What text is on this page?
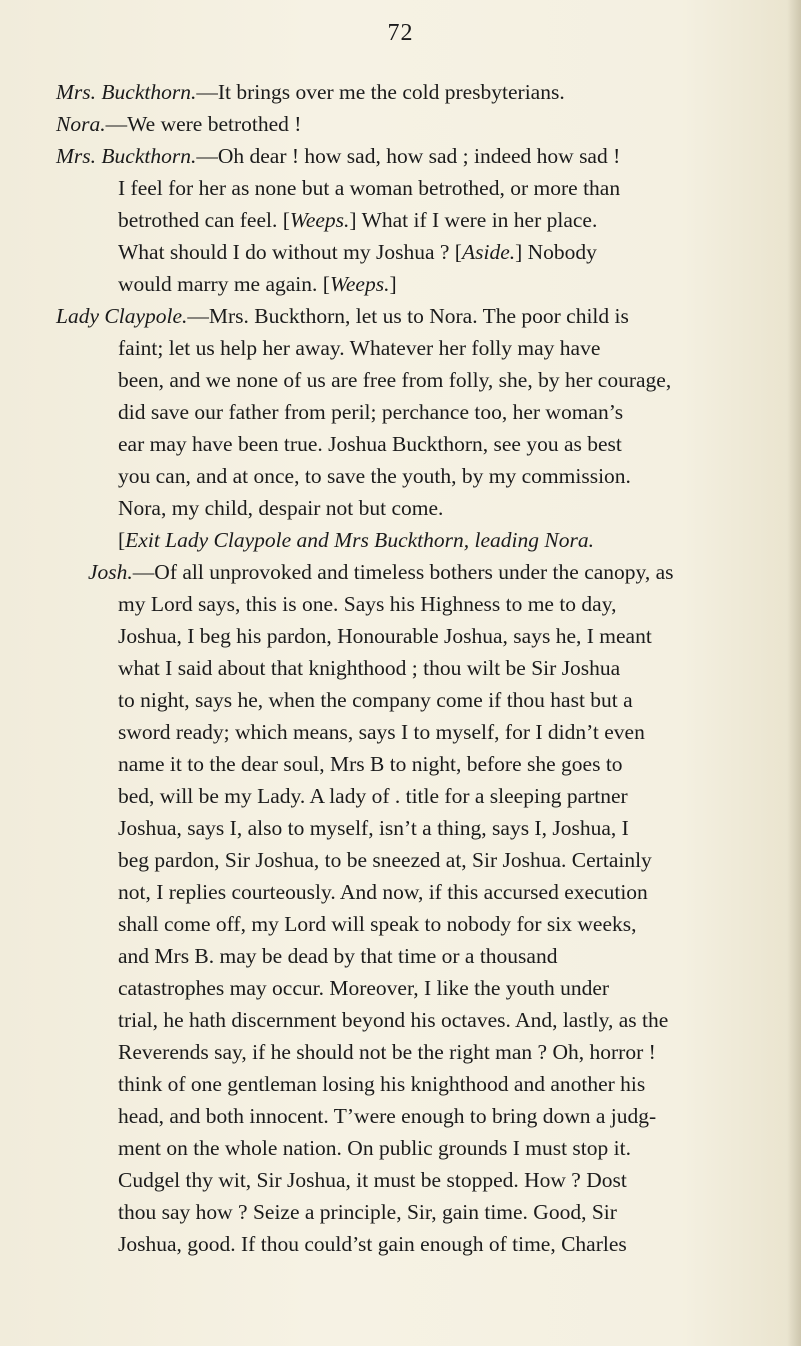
72
Mrs. Buckthorn.—It brings over me the cold presbyterians.
Nora.—We were betrothed !
Mrs. Buckthorn.—Oh dear ! how sad, how sad ; indeed how sad !
I feel for her as none but a woman betrothed, or more than
betrothed can feel. [Weeps.] What if I were in her place.
What should I do without my Joshua ? [Aside.] Nobody
would marry me again. [Weeps.]
Lady Claypole.—Mrs. Buckthorn, let us to Nora. The poor child is
faint; let us help her away. Whatever her folly may have
been, and we none of us are free from folly, she, by her courage,
did save our father from peril; perchance too, her woman’s
ear may have been true. Joshua Buckthorn, see you as best
you can, and at once, to save the youth, by my commission.
Nora, my child, despair not but come.
[Exit Lady Claypole and Mrs Buckthorn, leading Nora.
Josh.—Of all unprovoked and timeless bothers under the canopy, as
my Lord says, this is one. Says his Highness to me to day,
Joshua, I beg his pardon, Honourable Joshua, says he, I meant
what I said about that knighthood ; thou wilt be Sir Joshua
to night, says he, when the company come if thou hast but a
sword ready; which means, says I to myself, for I didn’t even
name it to the dear soul, Mrs B to night, before she goes to
bed, will be my Lady. A lady of . title for a sleeping partner
Joshua, says I, also to myself, isn’t a thing, says I, Joshua, I
beg pardon, Sir Joshua, to be sneezed at, Sir Joshua. Certainly
not, I replies courteously. And now, if this accursed execution
shall come off, my Lord will speak to nobody for six weeks,
and Mrs B. may be dead by that time or a thousand
catastrophes may occur. Moreover, I like the youth under
trial, he hath discernment beyond his octaves. And, lastly, as the
Reverends say, if he should not be the right man ? Oh, horror !
think of one gentleman losing his knighthood and another his
head, and both innocent. T’were enough to bring down a judg-
ment on the whole nation. On public grounds I must stop it.
Cudgel thy wit, Sir Joshua, it must be stopped. How ? Dost
thou say how ? Seize a principle, Sir, gain time. Good, Sir
Joshua, good. If thou could’st gain enough of time, Charles
